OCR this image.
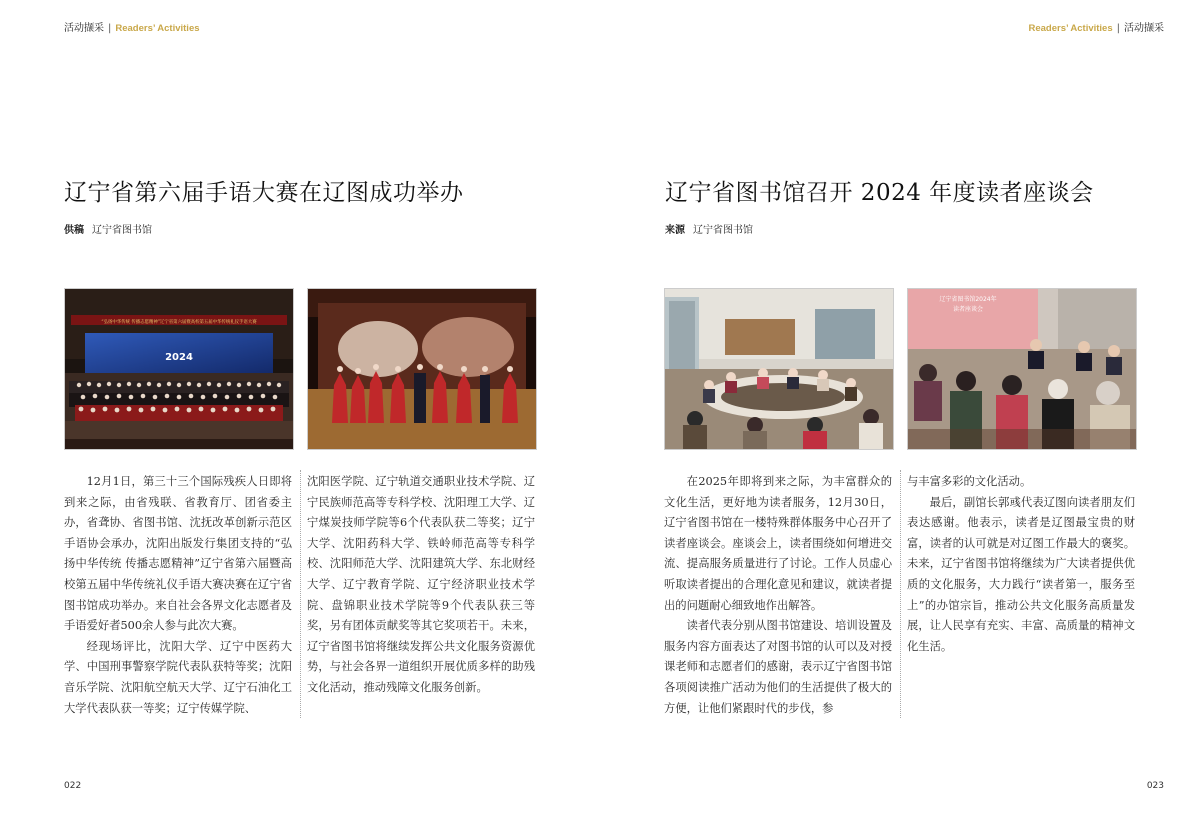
活动撷采 | Readers’ Activities
辽宁省第六届手语大赛在辽图成功举办
供稿 辽宁省图书馆
“弘扬中华传统 传播志愿精神”辽宁省第六届暨高校第五届中华传统礼仪手语大赛
2024

12月1日，第三十三个国际残疾人日即将到来之际，由省残联、省教育厅、团省委主办，省聋协、省图书馆、沈抚改革创新示范区手语协会承办，沈阳出版发行集团支持的“弘扬中华传统 传播志愿精神”辽宁省第六届暨高校第五届中华传统礼仪手语大赛决赛在辽宁省图书馆成功举办。来自社会各界文化志愿者及手语爱好者500余人参与此次大赛。

经现场评比，沈阳大学、辽宁中医药大学、中国刑事警察学院代表队获特等奖；沈阳音乐学院、沈阳航空航天大学、辽宁石油化工大学代表队获一等奖；辽宁传媒学院、

沈阳医学院、辽宁轨道交通职业技术学院、辽宁民族师范高等专科学校、沈阳理工大学、辽宁煤炭技师学院等6个代表队获二等奖；辽宁大学、沈阳药科大学、铁岭师范高等专科学校、沈阳师范大学、沈阳建筑大学、东北财经大学、辽宁教育学院、辽宁经济职业技术学院、盘锦职业技术学院等9个代表队获三等奖，另有团体贡献奖等其它奖项若干。未来，辽宁省图书馆将继续发挥公共文化服务资源优势，与社会各界一道组织开展优质多样的助残文化活动，推动残障文化服务创新。

022
Readers’ Activities | 活动撷采
辽宁省图书馆召开 2024 年度读者座谈会
来源 辽宁省图书馆
辽宁省图书馆2024年
读者座谈会

在2025年即将到来之际，为丰富群众的文化生活，更好地为读者服务，12月30日，辽宁省图书馆在一楼特殊群体服务中心召开了读者座谈会。座谈会上，读者围绕如何增进交流、提高服务质量进行了讨论。工作人员虚心听取读者提出的合理化意见和建议，就读者提出的问题耐心细致地作出解答。

读者代表分别从图书馆建设、培训设置及服务内容方面表达了对图书馆的认可以及对授课老师和志愿者们的感谢，表示辽宁省图书馆各项阅读推广活动为他们的生活提供了极大的方便，让他们紧跟时代的步伐，参

与丰富多彩的文化活动。

最后，副馆长郭彧代表辽图向读者朋友们表达感谢。他表示，读者是辽图最宝贵的财富，读者的认可就是对辽图工作最大的褒奖。未来，辽宁省图书馆将继续为广大读者提供优质的文化服务，大力践行“读者第一，服务至上”的办馆宗旨，推动公共文化服务高质量发展，让人民享有充实、丰富、高质量的精神文化生活。

023
